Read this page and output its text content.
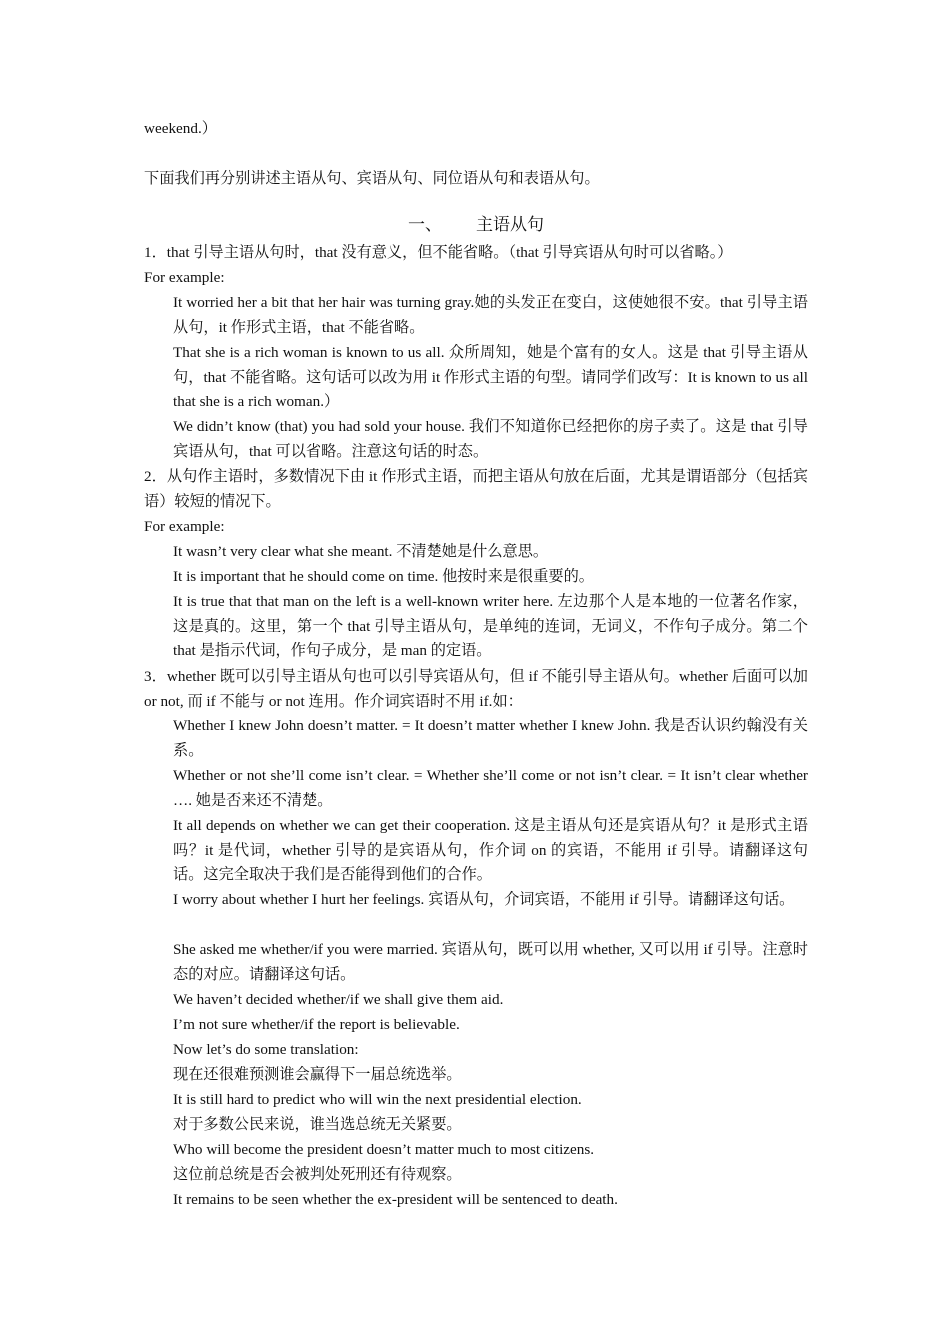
weekend.）

下面我们再分别讲述主语从句、宾语从句、同位语从句和表语从句。

一、 主语从句

1．that 引导主语从句时，that 没有意义，但不能省略。（that 引导宾语从句时可以省略。）

For example:

It worried her a bit that her hair was turning gray.她的头发正在变白，这使她很不安。that 引导主语从句，it 作形式主语，that 不能省略。

That she is a rich woman is known to us all. 众所周知，她是个富有的女人。这是 that 引导主语从句，that 不能省略。这句话可以改为用 it 作形式主语的句型。请同学们改写：It is known to us all that she is a rich woman.）

We didn’t know (that) you had sold your house. 我们不知道你已经把你的房子卖了。这是 that 引导宾语从句，that 可以省略。注意这句话的时态。

2．从句作主语时，多数情况下由 it 作形式主语，而把主语从句放在后面，尤其是谓语部分（包括宾语）较短的情况下。

For example:

It wasn’t very clear what she meant. 不清楚她是什么意思。

It is important that he should come on time. 他按时来是很重要的。

It is true that that man on the left is a well-known writer here. 左边那个人是本地的一位著名作家，这是真的。这里，第一个 that 引导主语从句，是单纯的连词，无词义，不作句子成分。第二个 that 是指示代词，作句子成分，是 man 的定语。

3．whether 既可以引导主语从句也可以引导宾语从句，但 if 不能引导主语从句。whether 后面可以加 or not, 而 if 不能与 or not 连用。作介词宾语时不用 if.如：

Whether I knew John doesn’t matter. = It doesn’t matter whether I knew John. 我是否认识约翰没有关系。

Whether or not she’ll come isn’t clear. = Whether she’ll come or not isn’t clear. = It isn’t clear whether …. 她是否来还不清楚。

It all depends on whether we can get their cooperation. 这是主语从句还是宾语从句？it 是形式主语吗？it 是代词，whether 引导的是宾语从句，作介词 on 的宾语，不能用 if 引导。请翻译这句话。这完全取决于我们是否能得到他们的合作。

I worry about whether I hurt her feelings. 宾语从句，介词宾语，不能用 if 引导。请翻译这句话。

She asked me whether/if you were married. 宾语从句，既可以用 whether, 又可以用 if 引导。注意时态的对应。请翻译这句话。

We haven’t decided whether/if we shall give them aid.

I’m not sure whether/if the report is believable.

Now let’s do some translation:

现在还很难预测谁会赢得下一届总统选举。

It is still hard to predict who will win the next presidential election.

对于多数公民来说，谁当选总统无关紧要。

Who will become the president doesn’t matter much to most citizens.

这位前总统是否会被判处死刑还有待观察。

It remains to be seen whether the ex-president will be sentenced to death.
